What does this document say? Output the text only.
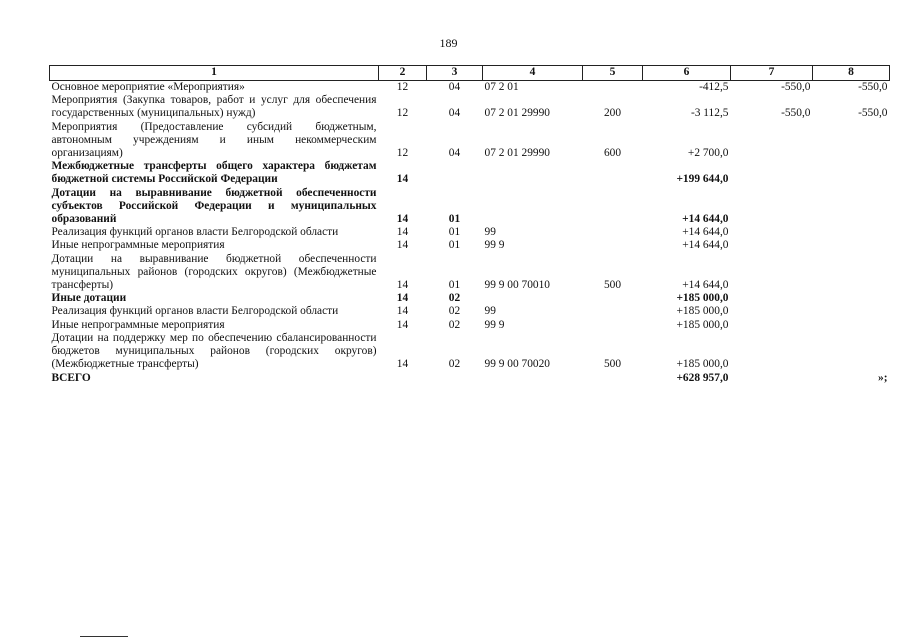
189
1	2	3	4	5	6	7	8
Основное мероприятие «Мероприятия»	12	04	07 2 01		-412,5	-550,0	-550,0
Мероприятия (Закупка товаров, работ и услуг для обеспечения государственных (муниципальных) нужд)	12	04	07 2 01 29990	200	-3 112,5	-550,0	-550,0
Мероприятия (Предоставление субсидий бюджетным, автономным учреждениям и иным некоммерческим организациям)	12	04	07 2 01 29990	600	+2 700,0		
Межбюджетные трансферты общего характера бюджетам бюджетной системы Российской Федерации	14				+199 644,0		
Дотации на выравнивание бюджетной обеспеченности субъектов Российской Федерации и муниципальных образований	14	01			+14 644,0		
Реализация функций органов власти Белгородской области	14	01	99		+14 644,0		
Иные непрограммные мероприятия	14	01	99 9		+14 644,0		
Дотации на выравнивание бюджетной обеспеченности муниципальных районов (городских округов) (Межбюджетные трансферты)	14	01	99 9 00 70010	500	+14 644,0		
Иные дотации	14	02			+185 000,0		
Реализация функций органов власти Белгородской области	14	02	99		+185 000,0		
Иные непрограммные мероприятия	14	02	99 9		+185 000,0		
Дотации на поддержку мер по обеспечению сбалансированности бюджетов муниципальных районов (городских округов) (Межбюджетные трансферты)	14	02	99 9 00 70020	500	+185 000,0		
ВСЕГО					+628 957,0		»;
